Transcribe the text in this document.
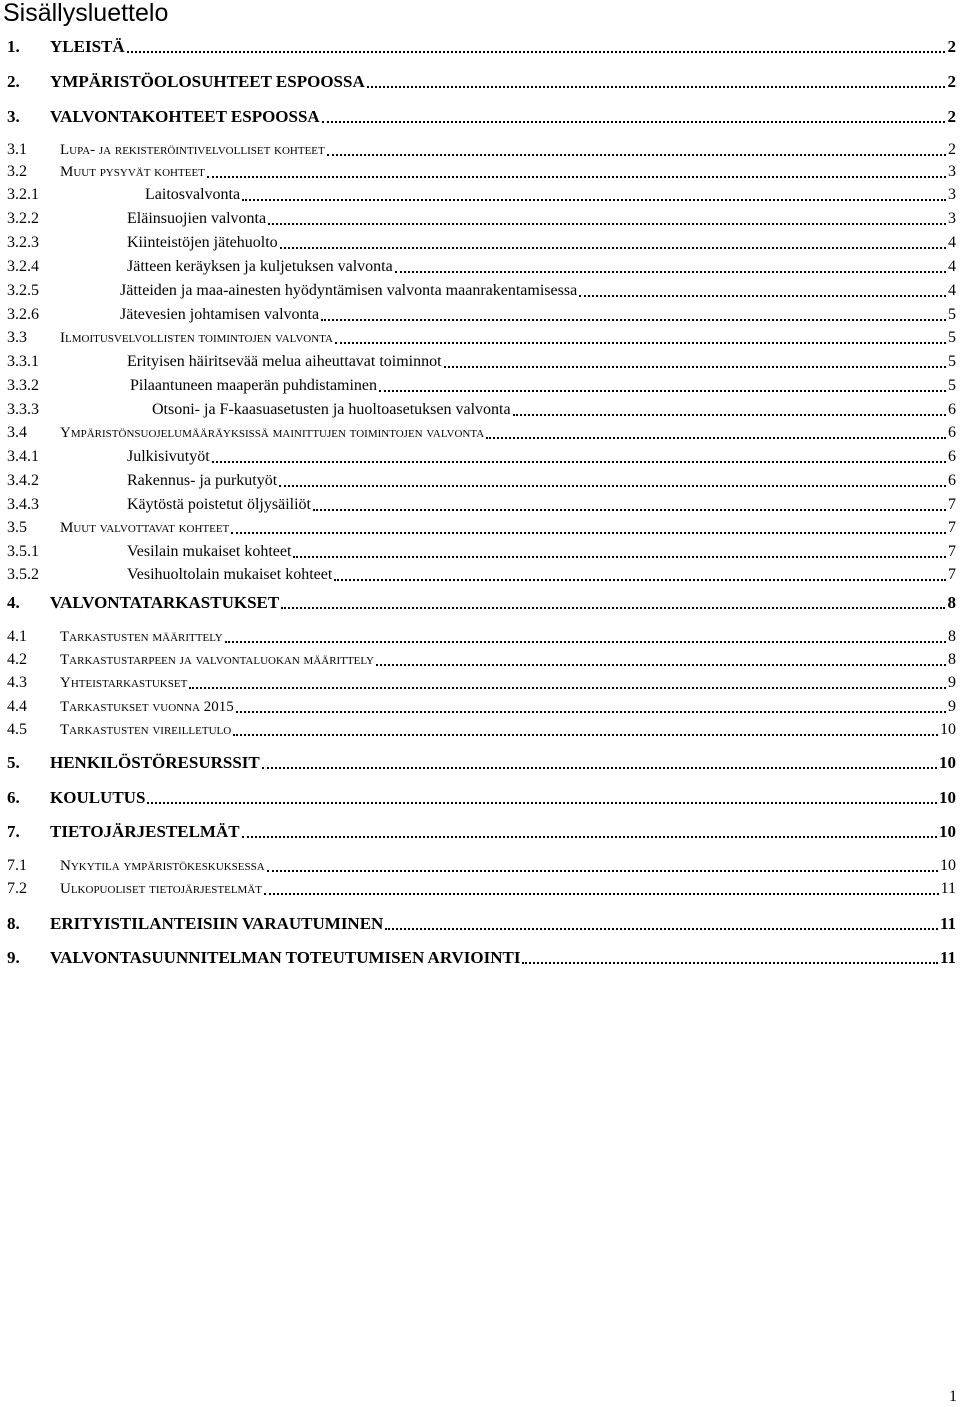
Sisällysluettelo
1. YLEISTÄ	2
2. YMPÄRISTÖOLOSUHTEET ESPOOSSA	2
3. VALVONTAKOHTEET ESPOOSSA	2
3.1 Lupa- ja rekisteröintivelvolliset kohteet	2
3.2 Muut pysyvät kohteet	3
3.2.1	Laitosvalvonta	3
3.2.2	Eläinsuojien valvonta	3
3.2.3	Kiinteistöjen jätehuolto	4
3.2.4	Jätteen keräyksen ja kuljetuksen valvonta	4
3.2.5	Jätteiden ja maa-ainesten hyödyntämisen valvonta maanrakentamisessa	4
3.2.6	Jätevesien johtamisen valvonta	5
3.3 Ilmoitusvelvollisten toimintojen valvonta	5
3.3.1	Erityisen häiritsevää melua aiheuttavat toiminnot	5
3.3.2	Pilaantuneen maaperän puhdistaminen	5
3.3.3	Otsoni- ja F-kaasuasetusten ja huoltoasetuksen valvonta	6
3.4 Ympäristönsuojelumääräyksissä mainittujen toimintojen valvonta	6
3.4.1	Julkisivutyöt	6
3.4.2	Rakennus- ja purkutyöt	6
3.4.3	Käytöstä poistetut öljysäiliöt	7
3.5 Muut valvottavat kohteet	7
3.5.1	Vesilain mukaiset kohteet	7
3.5.2	Vesihuoltolain mukaiset kohteet	7
4. VALVONTATARKASTUKSET	8
4.1 Tarkastusten määrittely	8
4.2 Tarkastustarpeen ja valvontaluokan määrittely	8
4.3 Yhteistarkastukset	9
4.4 Tarkastukset vuonna 2015	9
4.5 Tarkastusten vireilletulo	10
5. HENKILÖSTÖRESURSSIT	10
6. KOULUTUS	10
7. TIETOJÄRJESTELMÄT	10
7.1 Nykytila ympäristökeskuksessa	10
7.2 Ulkopuoliset tietojärjestelmät	11
8. ERITYISTILANTEISIIN VARAUTUMINEN	11
9. VALVONTASUUNNITELMAN TOTEUTUMISEN ARVIOINTI	11
1
